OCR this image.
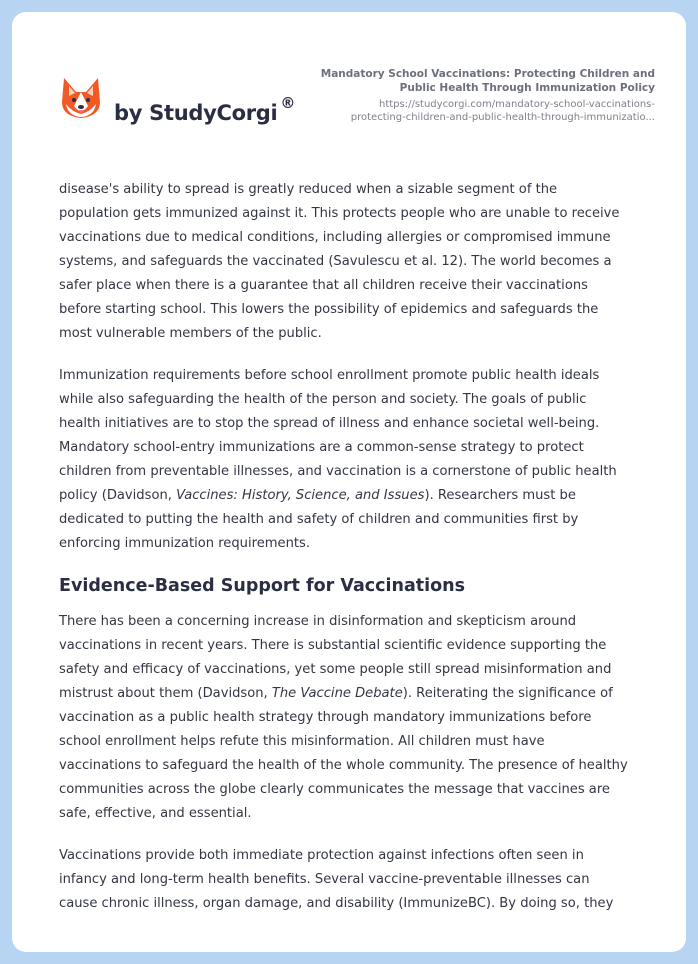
by StudyCorgi ®
Mandatory School Vaccinations: Protecting Children and
Public Health Through Immunization Policy
https://studycorgi.com/mandatory-school-vaccinations-
protecting-children-and-public-health-through-immunizatio...

disease's ability to spread is greatly reduced when a sizable segment of the
population gets immunized against it. This protects people who are unable to receive
vaccinations due to medical conditions, including allergies or compromised immune
systems, and safeguards the vaccinated (Savulescu et al. 12). The world becomes a
safer place when there is a guarantee that all children receive their vaccinations
before starting school. This lowers the possibility of epidemics and safeguards the
most vulnerable members of the public.

Immunization requirements before school enrollment promote public health ideals
while also safeguarding the health of the person and society. The goals of public
health initiatives are to stop the spread of illness and enhance societal well-being.
Mandatory school-entry immunizations are a common-sense strategy to protect
children from preventable illnesses, and vaccination is a cornerstone of public health
policy (Davidson, Vaccines: History, Science, and Issues). Researchers must be
dedicated to putting the health and safety of children and communities first by
enforcing immunization requirements.

Evidence-Based Support for Vaccinations

There has been a concerning increase in disinformation and skepticism around
vaccinations in recent years. There is substantial scientific evidence supporting the
safety and efficacy of vaccinations, yet some people still spread misinformation and
mistrust about them (Davidson, The Vaccine Debate). Reiterating the significance of
vaccination as a public health strategy through mandatory immunizations before
school enrollment helps refute this misinformation. All children must have
vaccinations to safeguard the health of the whole community. The presence of healthy
communities across the globe clearly communicates the message that vaccines are
safe, effective, and essential.

Vaccinations provide both immediate protection against infections often seen in
infancy and long-term health benefits. Several vaccine-preventable illnesses can
cause chronic illness, organ damage, and disability (ImmunizeBC). By doing so, they
